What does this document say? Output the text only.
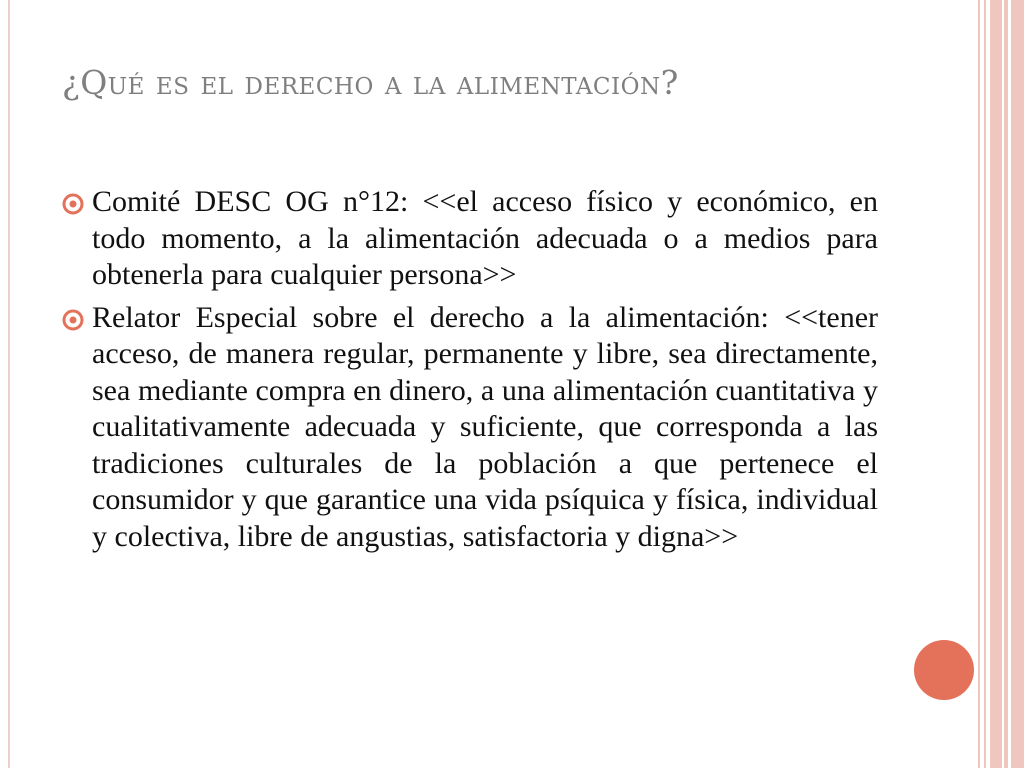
¿Qué es el derecho a la alimentación?
Comité DESC OG n°12: <<el acceso físico y económico, en todo momento, a la alimentación adecuada o a medios para obtenerla para cualquier persona>>
Relator Especial sobre el derecho a la alimentación: <<tener acceso, de manera regular, permanente y libre, sea directamente, sea mediante compra en dinero, a una alimentación cuantitativa y cualitativamente adecuada y suficiente, que corresponda a las tradiciones culturales de la población a que pertenece el consumidor y que garantice una vida psíquica y física, individual y colectiva, libre de angustias, satisfactoria y digna>>
